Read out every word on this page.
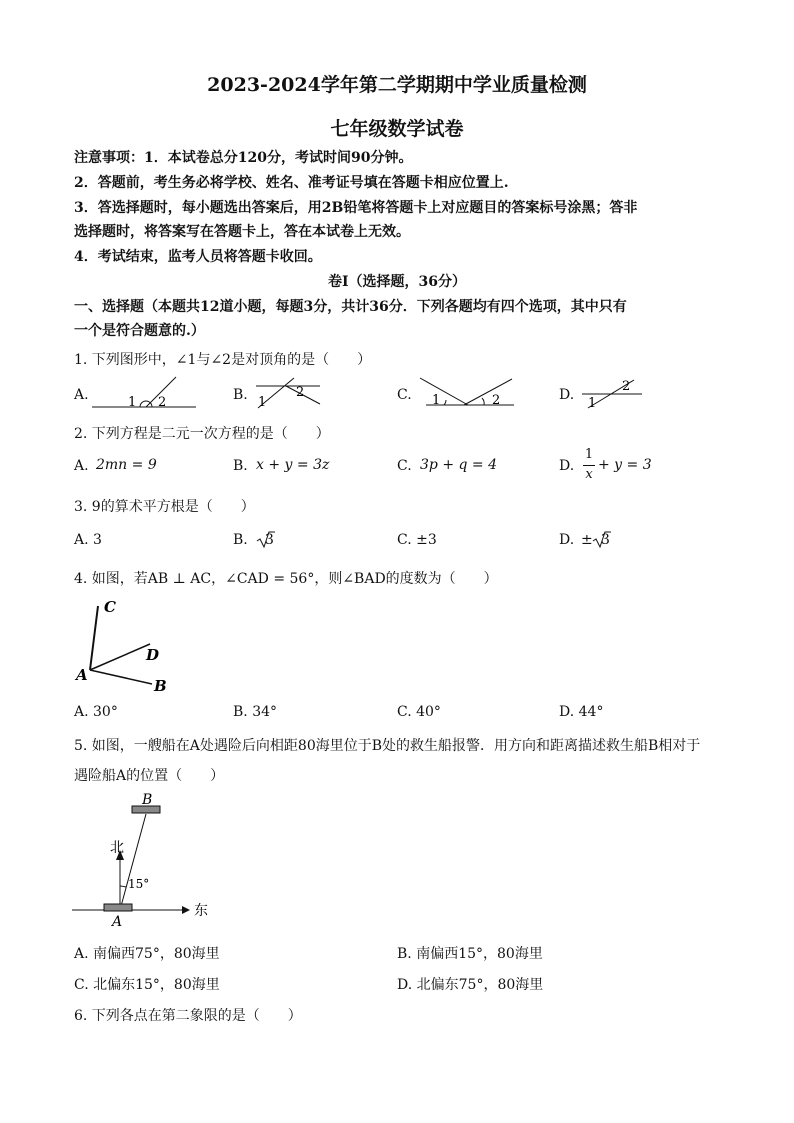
2023-2024学年第二学期期中学业质量检测
七年级数学试卷
注意事项：1．本试卷总分120分，考试时间90分钟。
2．答题前，考生务必将学校、姓名、准考证号填在答题卡相应位置上.
3．答选择题时，每小题选出答案后，用2B铅笔将答题卡上对应题目的答案标号涂黑；答非
选择题时，将答案写在答题卡上，答在本试卷上无效。
4．考试结束，监考人员将答题卡收回。
卷Ⅰ（选择题，36分）
一、选择题（本题共12道小题，每题3分，共计36分．下列各题均有四个选项，其中只有
一个是符合题意的.）
1. 下列图形中，∠1与∠2是对顶角的是（　　）
A.	B.	C.	D.
1 2	1
2
1	2	1
2
2. 下列方程是二元一次方程的是（　　）
A. 2mn = 9	B. x + y = 3z	C. 3p + q = 4	D.
1
x
+ y = 3
3. 9的算术平方根是（　　）
A. 3	B. 3	C. ±3	D. ± 3
4. 如图，若AB ⊥ AC，∠CAD = 56°，则∠BAD的度数为（　　）
C
D
B
A
A. 30°	B. 34°	C. 40°	D. 44°
5. 如图，一艘船在A处遇险后向相距80海里位于B处的救生船报警．用方向和距离描述救生船B相对于
遇险船A的位置（　　）
北
东
15°
A
B
A. 南偏西75°，80海里	B. 南偏西15°，80海里
C. 北偏东15°，80海里	D. 北偏东75°，80海里
6. 下列各点在第二象限的是（　　）
